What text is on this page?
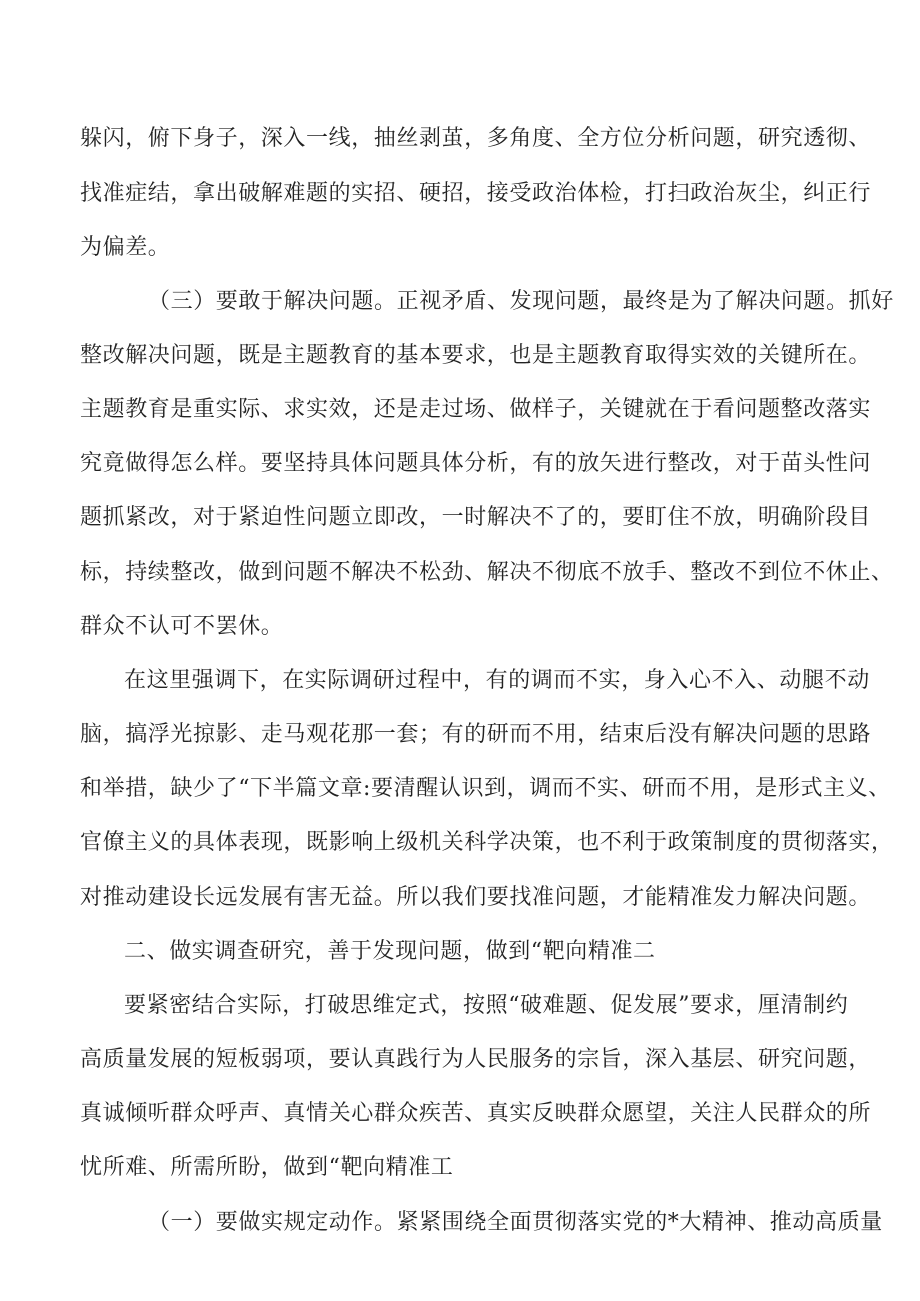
躲闪，俯下身子，深入一线，抽丝剥茧，多角度、全方位分析问题，研究透彻、
找准症结，拿出破解难题的实招、硬招，接受政治体检，打扫政治灰尘，纠正行
为偏差。
（三）要敢于解决问题。正视矛盾、发现问题，最终是为了解决问题。抓好
整改解决问题，既是主题教育的基本要求，也是主题教育取得实效的关键所在。
主题教育是重实际、求实效，还是走过场、做样子，关键就在于看问题整改落实
究竟做得怎么样。要坚持具体问题具体分析，有的放矢进行整改，对于苗头性问
题抓紧改，对于紧迫性问题立即改，一时解决不了的，要盯住不放，明确阶段目
标，持续整改，做到问题不解决不松劲、解决不彻底不放手、整改不到位不休止、
群众不认可不罢休。
在这里强调下，在实际调研过程中，有的调而不实，身入心不入、动腿不动
脑，搞浮光掠影、走马观花那一套；有的研而不用，结束后没有解决问题的思路
和举措，缺少了“下半篇文章:要清醒认识到，调而不实、研而不用，是形式主义、
官僚主义的具体表现，既影响上级机关科学决策，也不利于政策制度的贯彻落实，
对推动建设长远发展有害无益。所以我们要找准问题，才能精准发力解决问题。
二、做实调查研究，善于发现问题，做到“靶向精准二
要紧密结合实际，打破思维定式，按照“破难题、促发展”要求，厘清制约
高质量发展的短板弱项，要认真践行为人民服务的宗旨，深入基层、研究问题，
真诚倾听群众呼声、真情关心群众疾苦、真实反映群众愿望，关注人民群众的所
忧所难、所需所盼，做到“靶向精准工
（一）要做实规定动作。紧紧围绕全面贯彻落实党的*大精神、推动高质量
